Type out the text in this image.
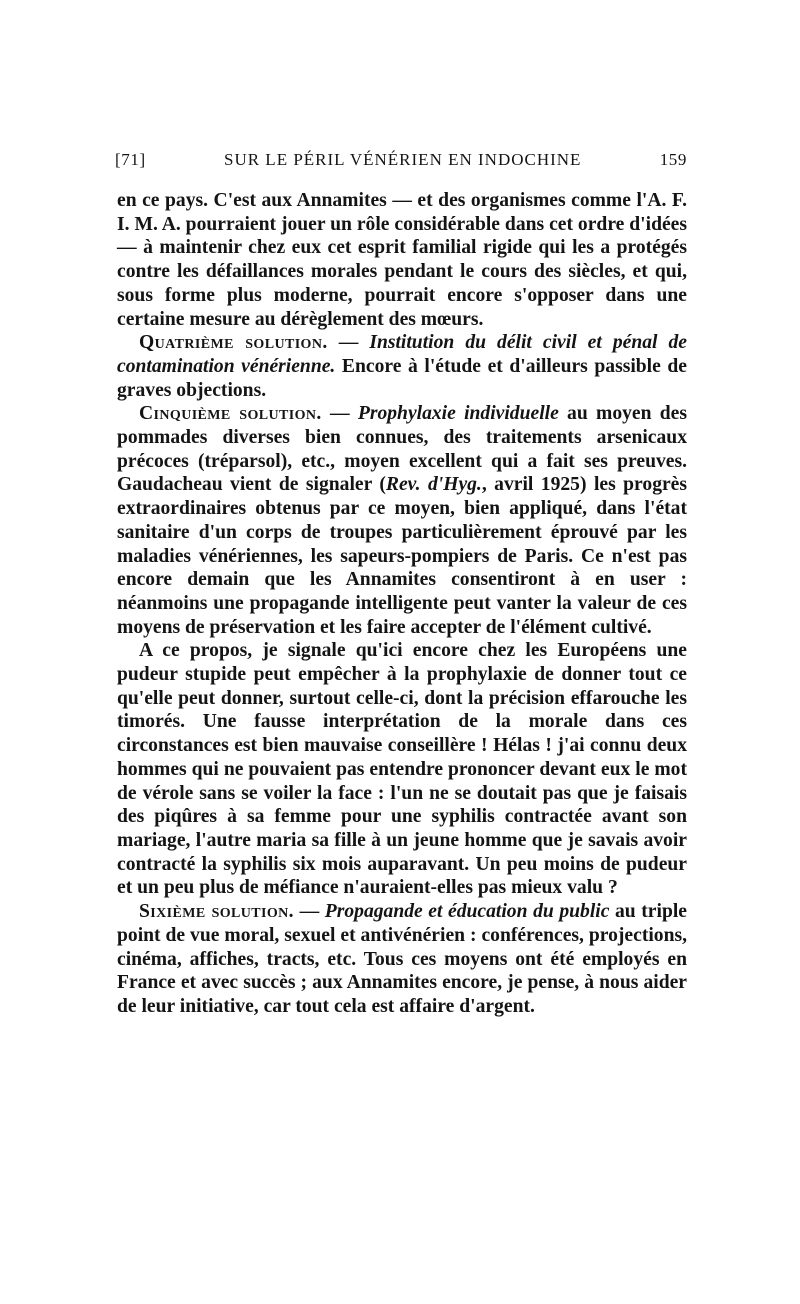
[71]	SUR LE PÉRIL VÉNÉRIEN EN INDOCHINE	159

en ce pays. C'est aux Annamites — et des organismes comme l'A. F. I. M. A. pourraient jouer un rôle considérable dans cet ordre d'idées — à maintenir chez eux cet esprit familial rigide qui les a protégés contre les défaillances morales pendant le cours des siècles, et qui, sous forme plus moderne, pourrait encore s'opposer dans une certaine mesure au dérèglement des mœurs.

Quatrième solution. — Institution du délit civil et pénal de contamination vénérienne. Encore à l'étude et d'ailleurs passible de graves objections.

Cinquième solution. — Prophylaxie individuelle au moyen des pommades diverses bien connues, des traitements arsenicaux précoces (tréparsol), etc., moyen excellent qui a fait ses preuves. Gaudacheau vient de signaler (Rev. d'Hyg., avril 1925) les progrès extraordinaires obtenus par ce moyen, bien appliqué, dans l'état sanitaire d'un corps de troupes particulièrement éprouvé par les maladies vénériennes, les sapeurs-pompiers de Paris. Ce n'est pas encore demain que les Annamites consentiront à en user : néanmoins une propagande intelligente peut vanter la valeur de ces moyens de préservation et les faire accepter de l'élément cultivé.

A ce propos, je signale qu'ici encore chez les Européens une pudeur stupide peut empêcher à la prophylaxie de donner tout ce qu'elle peut donner, surtout celle-ci, dont la précision effarouche les timorés. Une fausse interprétation de la morale dans ces circonstances est bien mauvaise conseillère ! Hélas ! j'ai connu deux hommes qui ne pouvaient pas entendre prononcer devant eux le mot de vérole sans se voiler la face : l'un ne se doutait pas que je faisais des piqûres à sa femme pour une syphilis contractée avant son mariage, l'autre maria sa fille à un jeune homme que je savais avoir contracté la syphilis six mois auparavant. Un peu moins de pudeur et un peu plus de méfiance n'auraient-elles pas mieux valu ?

Sixième solution. — Propagande et éducation du public au triple point de vue moral, sexuel et antivénérien : conférences, projections, cinéma, affiches, tracts, etc. Tous ces moyens ont été employés en France et avec succès ; aux Annamites encore, je pense, à nous aider de leur initiative, car tout cela est affaire d'argent.
